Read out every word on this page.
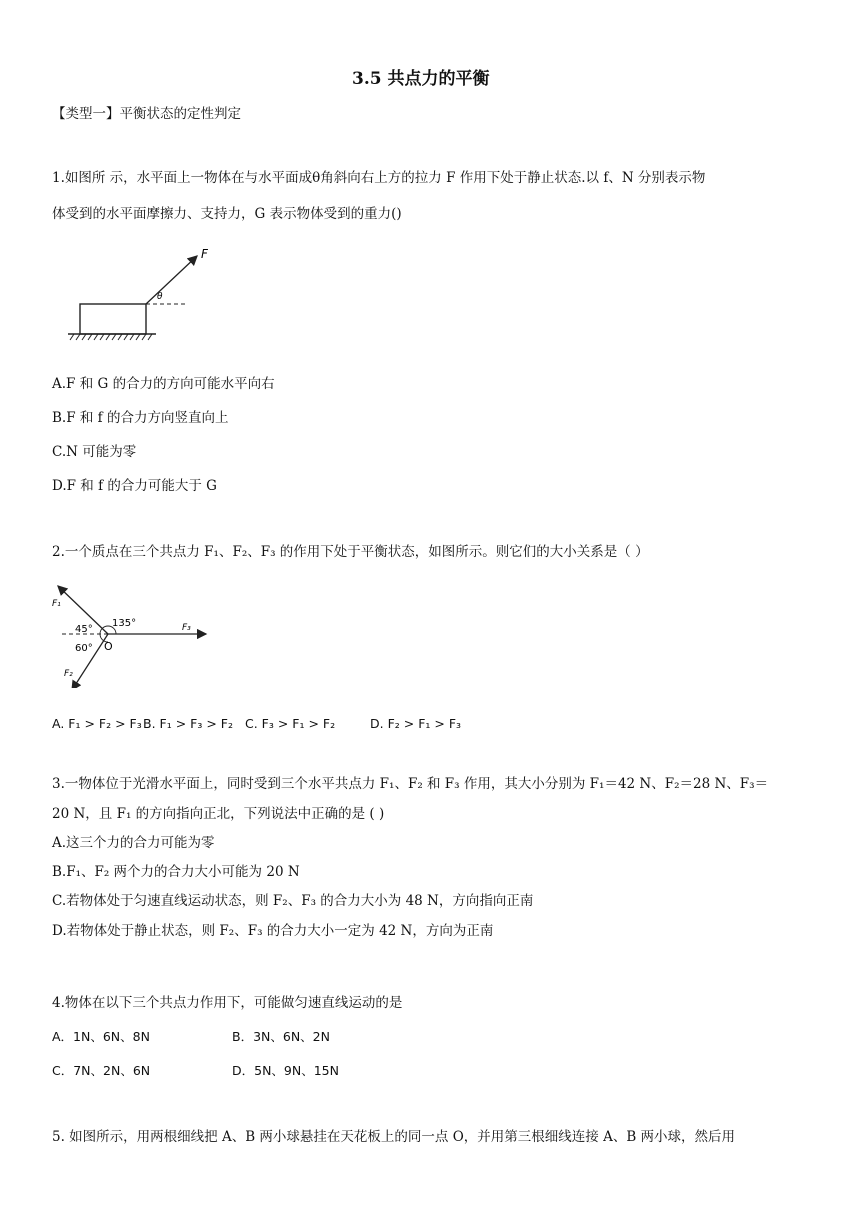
3.5 共点力的平衡
【类型一】平衡状态的定性判定
1.如图所 示，水平面上一物体在与水平面成θ角斜向右上方的拉力 F 作用下处于静止状态.以 f、N 分别表示物
体受到的水平面摩擦力、支持力，G 表示物体受到的重力()
F
θ
A.F 和 G 的合力的方向可能水平向右
B.F 和 f 的合力方向竖直向上
C.N 可能为零
D.F 和 f 的合力可能大于 G
2.一个质点在三个共点力 F₁、F₂、F₃ 的作用下处于平衡状态，如图所示。则它们的大小关系是（ ）
F₁
F₂
F₃
45°
60°
135°
O
A. F₁ > F₂ > F₃ B. F₁ > F₃ > F₂ C. F₃ > F₁ > F₂	D. F₂ > F₁ > F₃
3.一物体位于光滑水平面上，同时受到三个水平共点力 F₁、F₂ 和 F₃ 作用，其大小分别为 F₁＝42 N、F₂＝28 N、F₃＝
20 N，且 F₁ 的方向指向正北，下列说法中正确的是 ( )
A.这三个力的合力可能为零
B.F₁、F₂ 两个力的合力大小可能为 20 N
C.若物体处于匀速直线运动状态，则 F₂、F₃ 的合力大小为 48 N，方向指向正南
D.若物体处于静止状态，则 F₂、F₃ 的合力大小一定为 42 N，方向为正南
4.物体在以下三个共点力作用下，可能做匀速直线运动的是
A．1N、6N、8N	B．3N、6N、2N
C．7N、2N、6N	D．5N、9N、15N
5. 如图所示，用两根细线把 A、B 两小球悬挂在天花板上的同一点 O，并用第三根细线连接 A、B 两小球，然后用
